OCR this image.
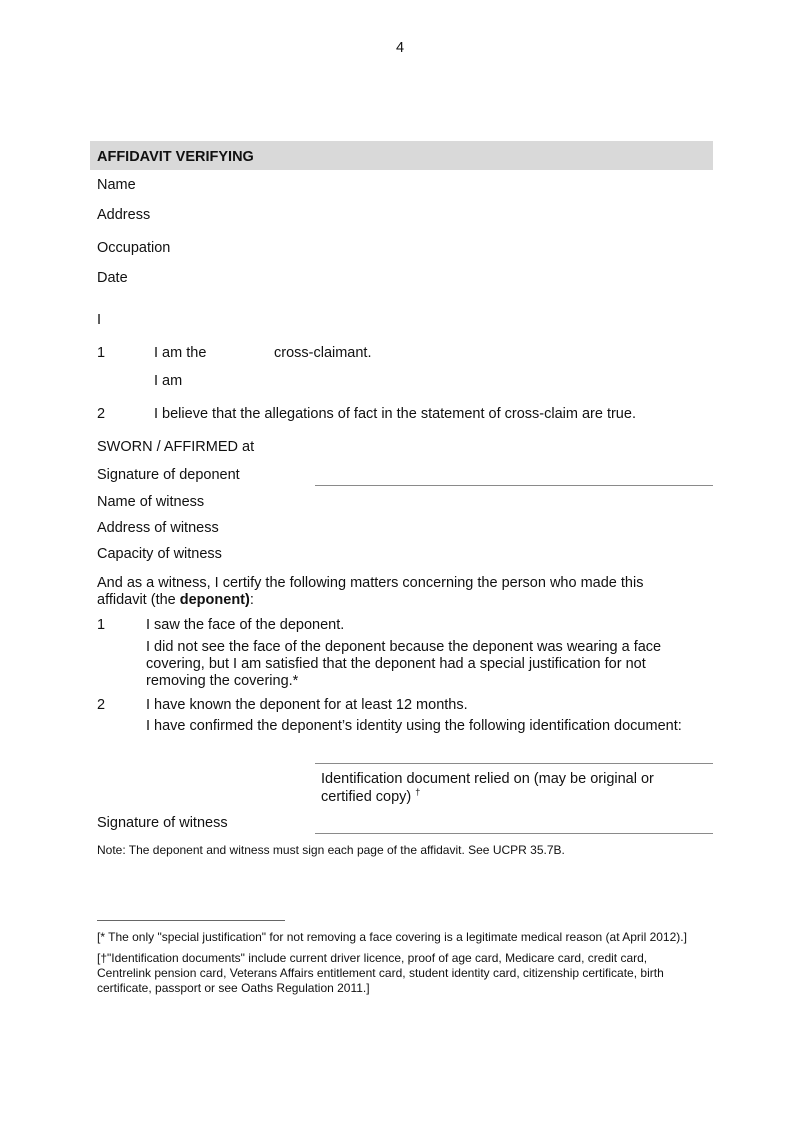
4
AFFIDAVIT VERIFYING
Name
Address
Occupation
Date
I
1	I am the	cross-claimant.
I am
2	I believe that the allegations of fact in the statement of cross-claim are true.
SWORN / AFFIRMED at
Signature of deponent
Name of witness
Address of witness
Capacity of witness
And as a witness, I certify the following matters concerning the person who made this
affidavit (the deponent):
1	I saw the face of the deponent.
I did not see the face of the deponent because the deponent was wearing a face
covering, but I am satisfied that the deponent had a special justification for not
removing the covering.*
2	I have known the deponent for at least 12 months.
I have confirmed the deponent’s identity using the following identification document:
Identification document relied on (may be original or
certified copy) †
Signature of witness
Note: The deponent and witness must sign each page of the affidavit. See UCPR 35.7B.
[* The only "special justification" for not removing a face covering is a legitimate medical reason (at April 2012).]
[†"Identification documents" include current driver licence, proof of age card, Medicare card, credit card,
Centrelink pension card, Veterans Affairs entitlement card, student identity card, citizenship certificate, birth
certificate, passport or see Oaths Regulation 2011.]
